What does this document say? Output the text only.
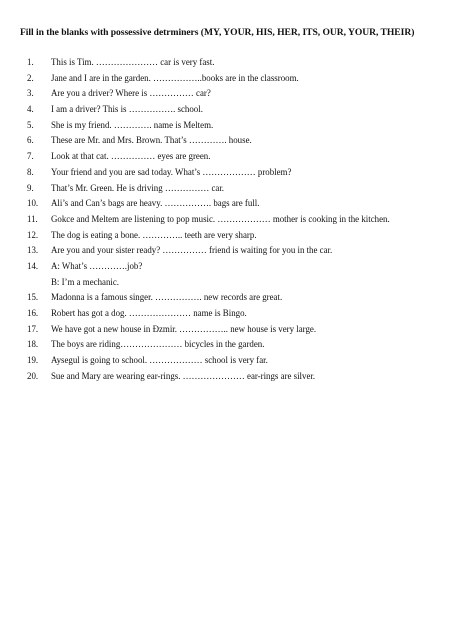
Fill in the blanks with possessive detrminers (MY, YOUR, HIS, HER, ITS, OUR, YOUR, THEIR)
1.	This is Tim. ………………… car is very fast.
2.	Jane and I are in the garden. ……………..books are in the classroom.
3.	Are you a driver? Where is …………… car?
4.	I am a driver? This is ……………. school.
5.	She is my friend. …………. name is Meltem.
6.	These are Mr. and Mrs. Brown. That’s …………. house.
7.	Look at that cat. …………… eyes are green.
8.	Your friend and you are sad today. What’s ……………… problem?
9.	That’s Mr. Green. He is driving …………… car.
10.	Ali’s and Can’s bags are heavy. ……………. bags are full.
11.	Gokce and Meltem are listening to pop music. ……………… mother is cooking in the kitchen.
12.	The dog is eating a bone. ………….. teeth are very sharp.
13.	Are you and your sister ready? …………… friend is waiting for you in the car.
14.	A: What’s ………….job?
B: I’m a mechanic.
15.	Madonna is a famous singer. ……………. new records are great.
16.	Robert has got a dog. ………………… name is Bingo.
17.	We have got a new house in Đzmir. …………….. new house is very large.
18.	The boys are riding………………… bicycles in the garden.
19.	Aysegul is going to school. ……………… school is very far.
20.	Sue and Mary are wearing ear-rings. ………………… ear-rings are silver.
